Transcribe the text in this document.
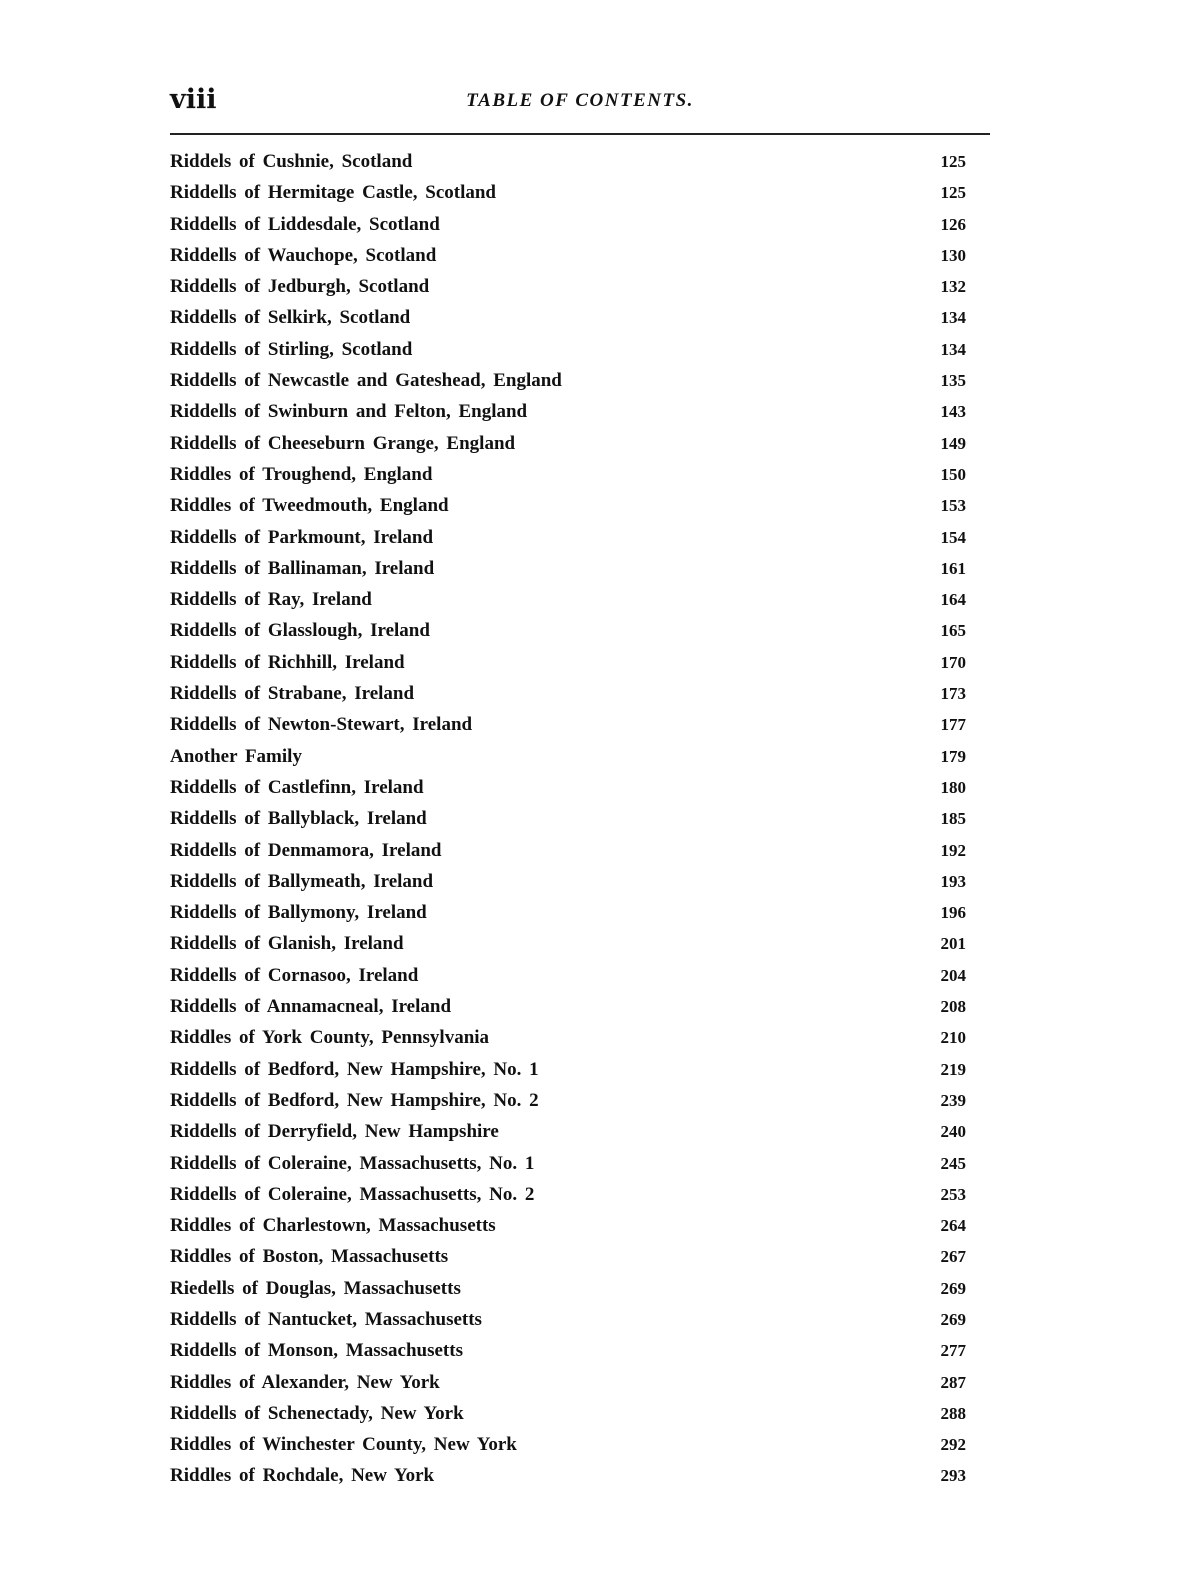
viii	TABLE OF CONTENTS.
Riddels of Cushnie, Scotland	125
Riddells of Hermitage Castle, Scotland	125
Riddells of Liddesdale, Scotland	126
Riddells of Wauchope, Scotland	130
Riddells of Jedburgh, Scotland	132
Riddells of Selkirk, Scotland	134
Riddells of Stirling, Scotland	134
Riddells of Newcastle and Gateshead, England	135
Riddells of Swinburn and Felton, England	143
Riddells of Cheeseburn Grange, England	149
Riddles of Troughend, England	150
Riddles of Tweedmouth, England	153
Riddells of Parkmount, Ireland	154
Riddells of Ballinaman, Ireland	161
Riddells of Ray, Ireland	164
Riddells of Glasslough, Ireland	165
Riddells of Richhill, Ireland	170
Riddells of Strabane, Ireland	173
Riddells of Newton-Stewart, Ireland	177
Another Family	179
Riddells of Castlefinn, Ireland	180
Riddells of Ballyblack, Ireland	185
Riddells of Denmamora, Ireland	192
Riddells of Ballymeath, Ireland	193
Riddells of Ballymony, Ireland	196
Riddells of Glanish, Ireland	201
Riddells of Cornasoo, Ireland	204
Riddells of Annamacneal, Ireland	208
Riddles of York County, Pennsylvania	210
Riddells of Bedford, New Hampshire, No. 1	219
Riddells of Bedford, New Hampshire, No. 2	239
Riddells of Derryfield, New Hampshire	240
Riddells of Coleraine, Massachusetts, No. 1	245
Riddells of Coleraine, Massachusetts, No. 2	253
Riddles of Charlestown, Massachusetts	264
Riddles of Boston, Massachusetts	267
Riedells of Douglas, Massachusetts	269
Riddells of Nantucket, Massachusetts	269
Riddells of Monson, Massachusetts	277
Riddles of Alexander, New York	287
Riddells of Schenectady, New York	288
Riddles of Winchester County, New York	292
Riddles of Rochdale, New York	293
